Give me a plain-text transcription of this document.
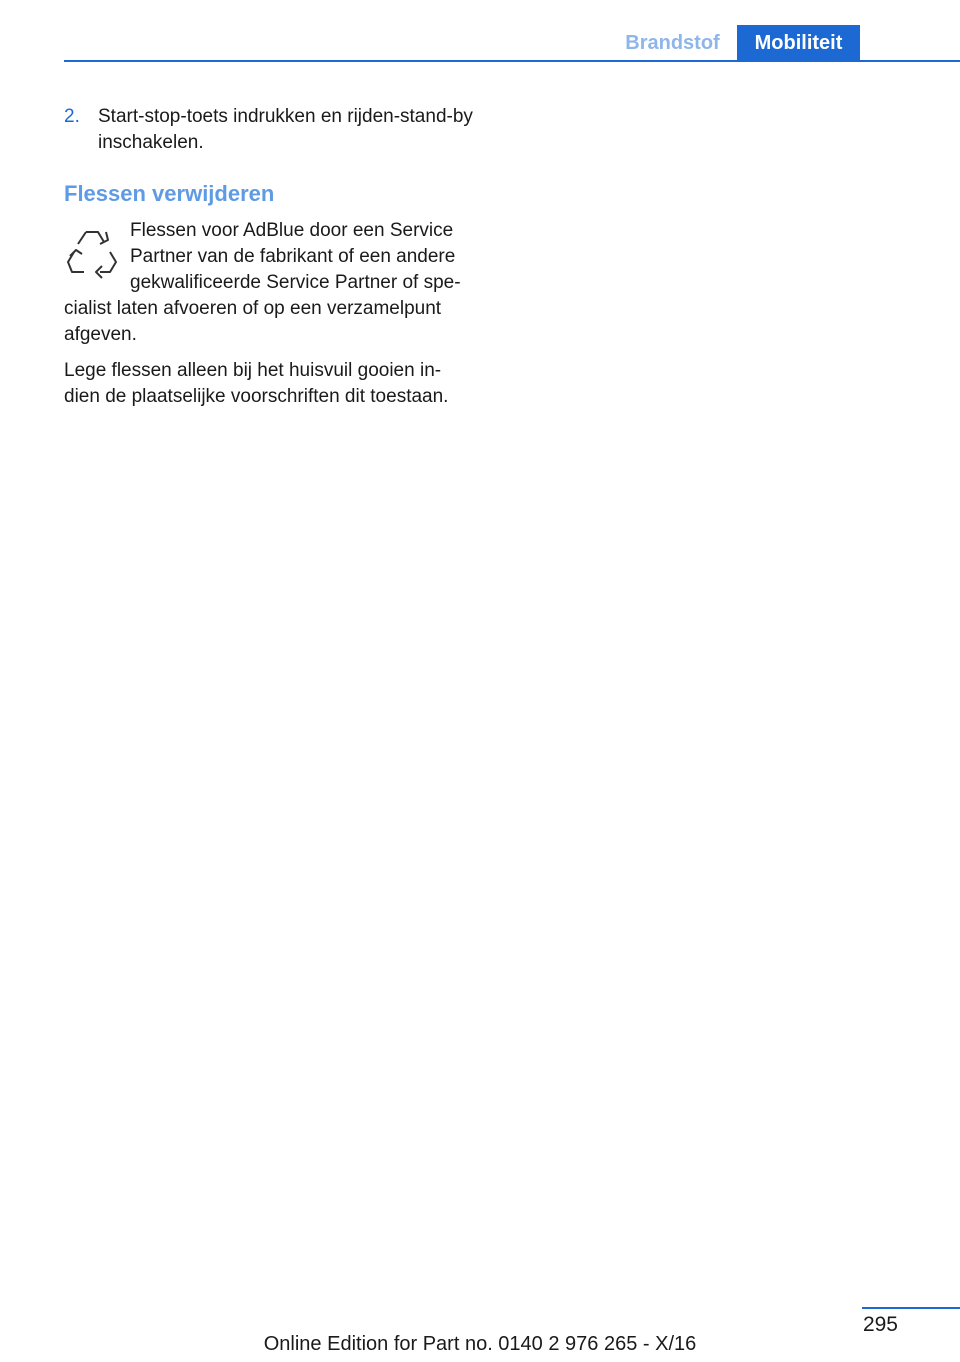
Brandstof	Mobiliteit
2. Start-stop-toets indrukken en rijden-stand-by inschakelen.
Flessen verwijderen
Flessen voor AdBlue door een Service Partner van de fabrikant of een andere gekwalificeerde Service Partner of spe-cialist laten afvoeren of op een verzamelpunt afgeven.

Lege flessen alleen bij het huisvuil gooien in-dien de plaatselijke voorschriften dit toestaan.

295
Online Edition for Part no. 0140 2 976 265 - X/16
